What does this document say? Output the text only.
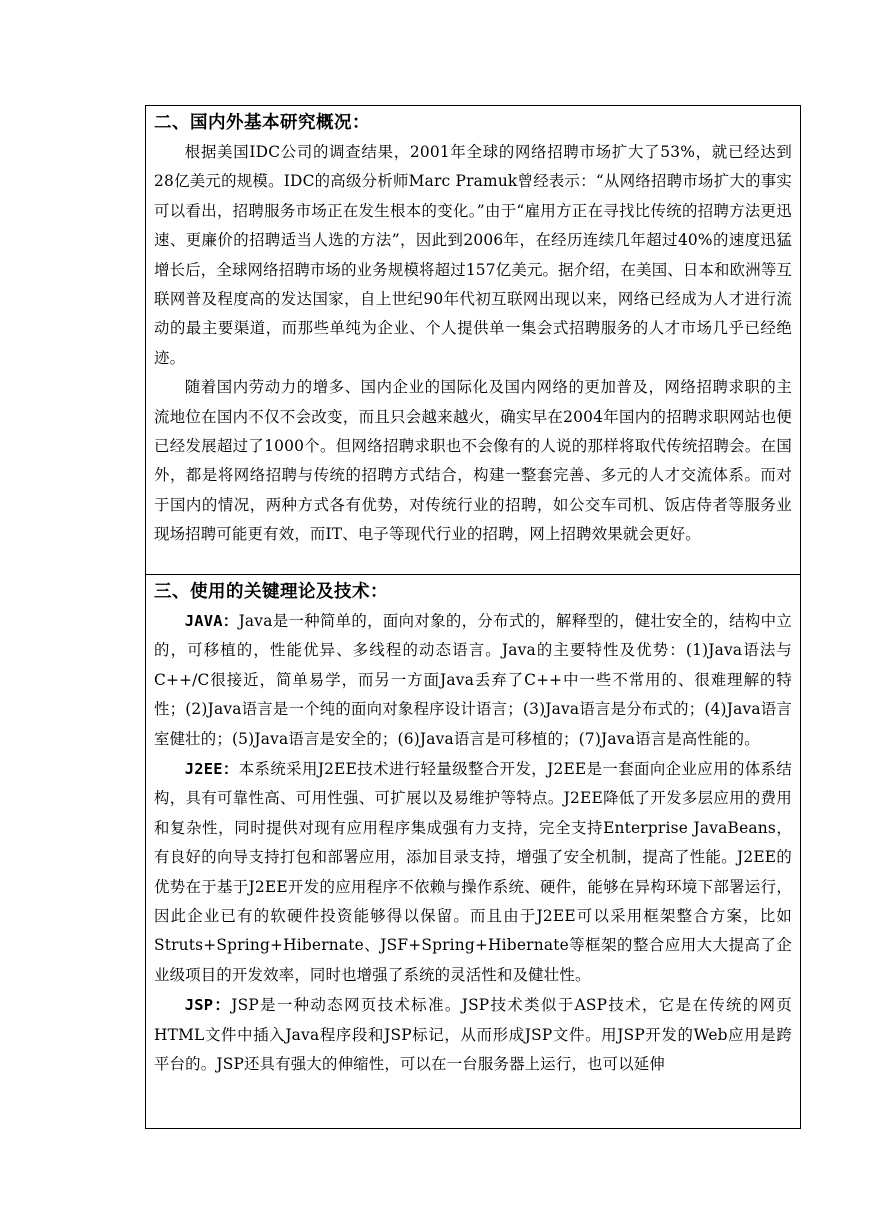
二、国内外基本研究概况：

根据美国IDC公司的调查结果，2001年全球的网络招聘市场扩大了53%，就已经达到28亿美元的规模。IDC的高级分析师Marc Pramuk曾经表示：“从网络招聘市场扩大的事实可以看出，招聘服务市场正在发生根本的变化。”由于“雇用方正在寻找比传统的招聘方法更迅速、更廉价的招聘适当人选的方法”，因此到2006年，在经历连续几年超过40%的速度迅猛增长后，全球网络招聘市场的业务规模将超过157亿美元。据介绍，在美国、日本和欧洲等互联网普及程度高的发达国家，自上世纪90年代初互联网出现以来，网络已经成为人才进行流动的最主要渠道，而那些单纯为企业、个人提供单一集会式招聘服务的人才市场几乎已经绝迹。

随着国内劳动力的增多、国内企业的国际化及国内网络的更加普及，网络招聘求职的主流地位在国内不仅不会改变，而且只会越来越火，确实早在2004年国内的招聘求职网站也便已经发展超过了1000个。但网络招聘求职也不会像有的人说的那样将取代传统招聘会。在国外，都是将网络招聘与传统的招聘方式结合，构建一整套完善、多元的人才交流体系。而对于国内的情况，两种方式各有优势，对传统行业的招聘，如公交车司机、饭店侍者等服务业现场招聘可能更有效，而IT、电子等现代行业的招聘，网上招聘效果就会更好。

三、使用的关键理论及技术：

JAVA：Java是一种简单的，面向对象的，分布式的，解释型的，健壮安全的，结构中立的，可移植的，性能优异、多线程的动态语言。Java的主要特性及优势：(1)Java语法与C++/C很接近，简单易学，而另一方面Java丢弃了C++中一些不常用的、很难理解的特性；(2)Java语言是一个纯的面向对象程序设计语言；(3)Java语言是分布式的；(4)Java语言室健壮的；(5)Java语言是安全的；(6)Java语言是可移植的；(7)Java语言是高性能的。

J2EE：本系统采用J2EE技术进行轻量级整合开发，J2EE是一套面向企业应用的体系结构，具有可靠性高、可用性强、可扩展以及易维护等特点。J2EE降低了开发多层应用的费用和复杂性，同时提供对现有应用程序集成强有力支持，完全支持Enterprise JavaBeans，有良好的向导支持打包和部署应用，添加目录支持，增强了安全机制，提高了性能。J2EE的优势在于基于J2EE开发的应用程序不依赖与操作系统、硬件，能够在异构环境下部署运行，因此企业已有的软硬件投资能够得以保留。而且由于J2EE可以采用框架整合方案，比如Struts+Spring+Hibernate、JSF+Spring+Hibernate等框架的整合应用大大提高了企业级项目的开发效率，同时也增强了系统的灵活性和及健壮性。

JSP：JSP是一种动态网页技术标准。JSP技术类似于ASP技术，它是在传统的网页HTML文件中插入Java程序段和JSP标记，从而形成JSP文件。用JSP开发的Web应用是跨平台的。JSP还具有强大的伸缩性，可以在一台服务器上运行，也可以延伸
